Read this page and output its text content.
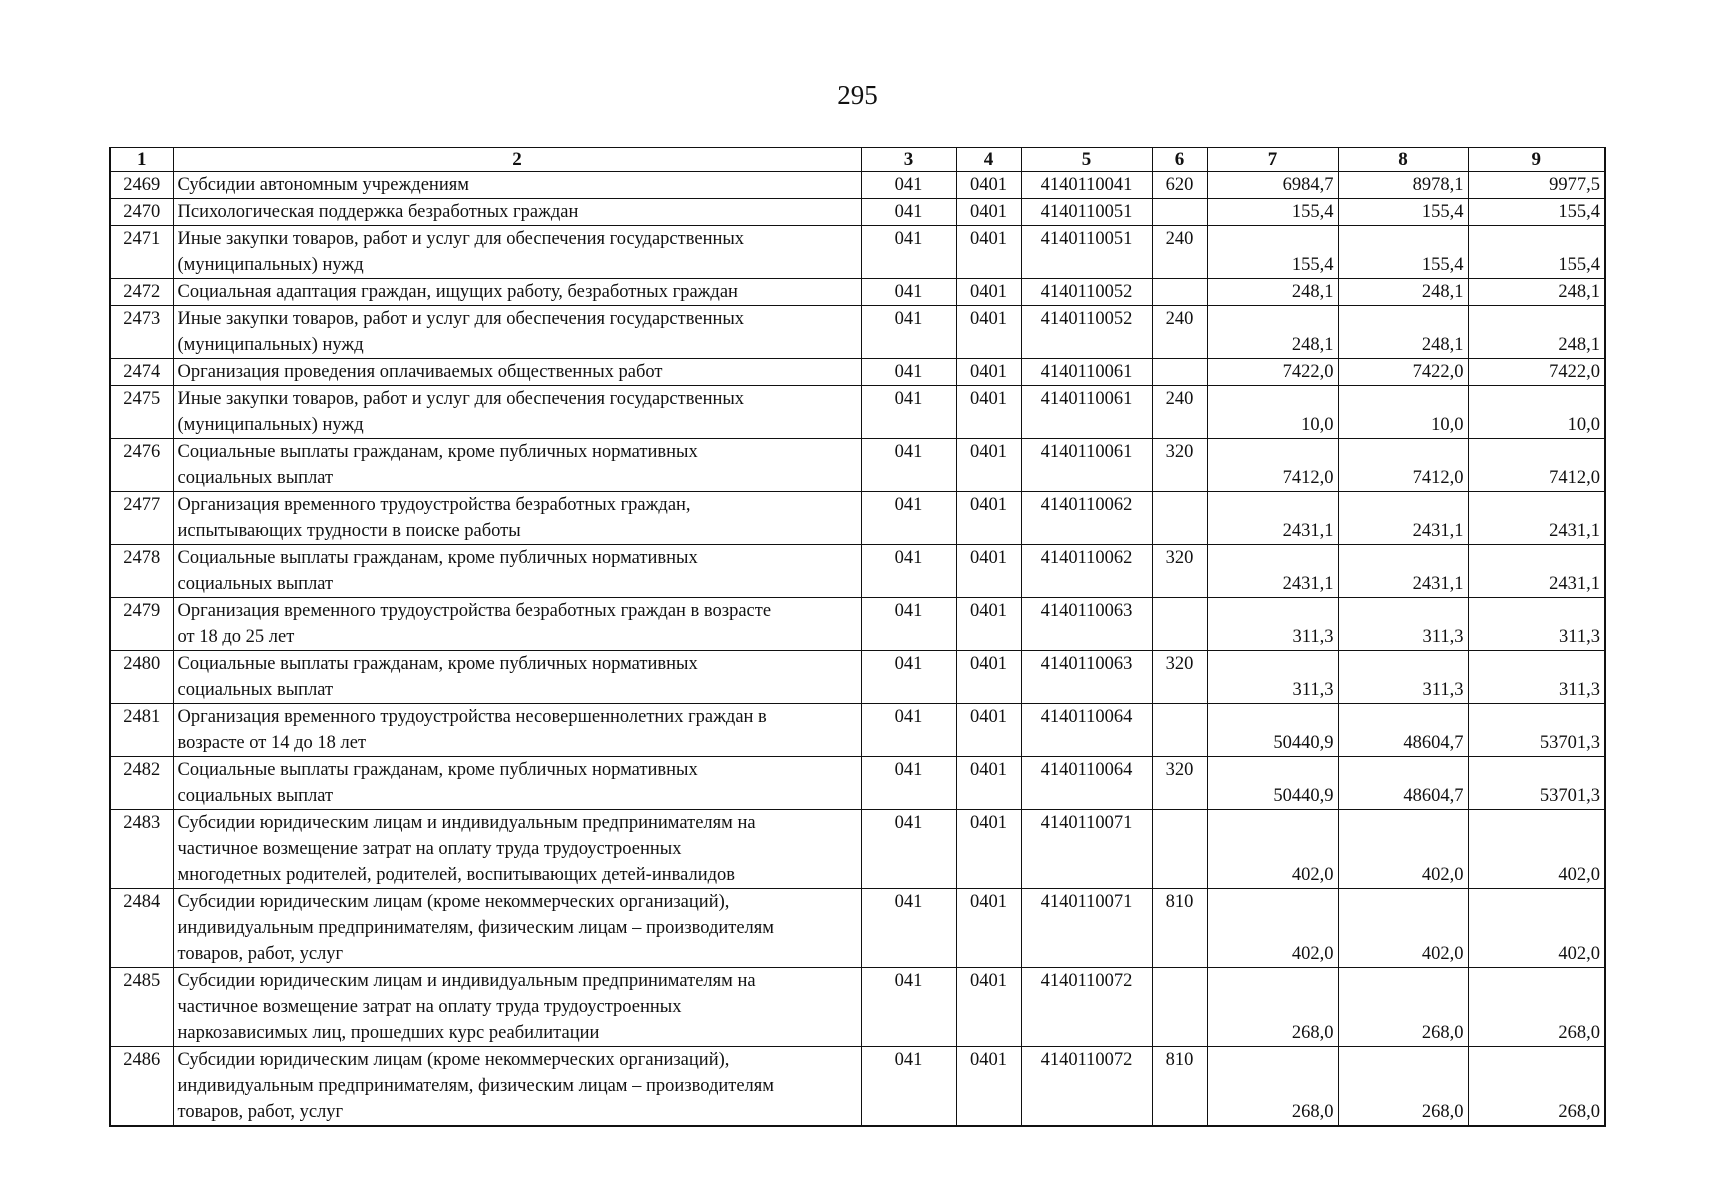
295
1	2	3	4	5	6	7	8	9
2469	Субсидии автономным учреждениям	041	0401	4140110041	620	6984,7	8978,1	9977,5
2470	Психологическая поддержка безработных граждан	041	0401	4140110051		155,4	155,4	155,4
2471	Иные закупки товаров, работ и услуг для обеспечения государственных
(муниципальных) нужд	041	0401	4140110051	240	155,4	155,4	155,4
2472	Социальная адаптация граждан, ищущих работу, безработных граждан	041	0401	4140110052		248,1	248,1	248,1
2473	Иные закупки товаров, работ и услуг для обеспечения государственных
(муниципальных) нужд	041	0401	4140110052	240	248,1	248,1	248,1
2474	Организация проведения оплачиваемых общественных работ	041	0401	4140110061		7422,0	7422,0	7422,0
2475	Иные закупки товаров, работ и услуг для обеспечения государственных
(муниципальных) нужд	041	0401	4140110061	240	10,0	10,0	10,0
2476	Социальные выплаты гражданам, кроме публичных нормативных
социальных выплат	041	0401	4140110061	320	7412,0	7412,0	7412,0
2477	Организация временного трудоустройства безработных граждан,
испытывающих трудности в поиске работы	041	0401	4140110062		2431,1	2431,1	2431,1
2478	Социальные выплаты гражданам, кроме публичных нормативных
социальных выплат	041	0401	4140110062	320	2431,1	2431,1	2431,1
2479	Организация временного трудоустройства безработных граждан в возрасте
от 18 до 25 лет	041	0401	4140110063		311,3	311,3	311,3
2480	Социальные выплаты гражданам, кроме публичных нормативных
социальных выплат	041	0401	4140110063	320	311,3	311,3	311,3
2481	Организация временного трудоустройства несовершеннолетних граждан в
возрасте от 14 до 18 лет	041	0401	4140110064		50440,9	48604,7	53701,3
2482	Социальные выплаты гражданам, кроме публичных нормативных
социальных выплат	041	0401	4140110064	320	50440,9	48604,7	53701,3
2483	Субсидии юридическим лицам и индивидуальным предпринимателям на
частичное возмещение затрат на оплату труда трудоустроенных
многодетных родителей, родителей, воспитывающих детей-инвалидов	041	0401	4140110071		402,0	402,0	402,0
2484	Субсидии юридическим лицам (кроме некоммерческих организаций),
индивидуальным предпринимателям, физическим лицам – производителям
товаров, работ, услуг	041	0401	4140110071	810	402,0	402,0	402,0
2485	Субсидии юридическим лицам и индивидуальным предпринимателям на
частичное возмещение затрат на оплату труда трудоустроенных
наркозависимых лиц, прошедших курс реабилитации	041	0401	4140110072		268,0	268,0	268,0
2486	Субсидии юридическим лицам (кроме некоммерческих организаций),
индивидуальным предпринимателям, физическим лицам – производителям
товаров, работ, услуг	041	0401	4140110072	810	268,0	268,0	268,0
